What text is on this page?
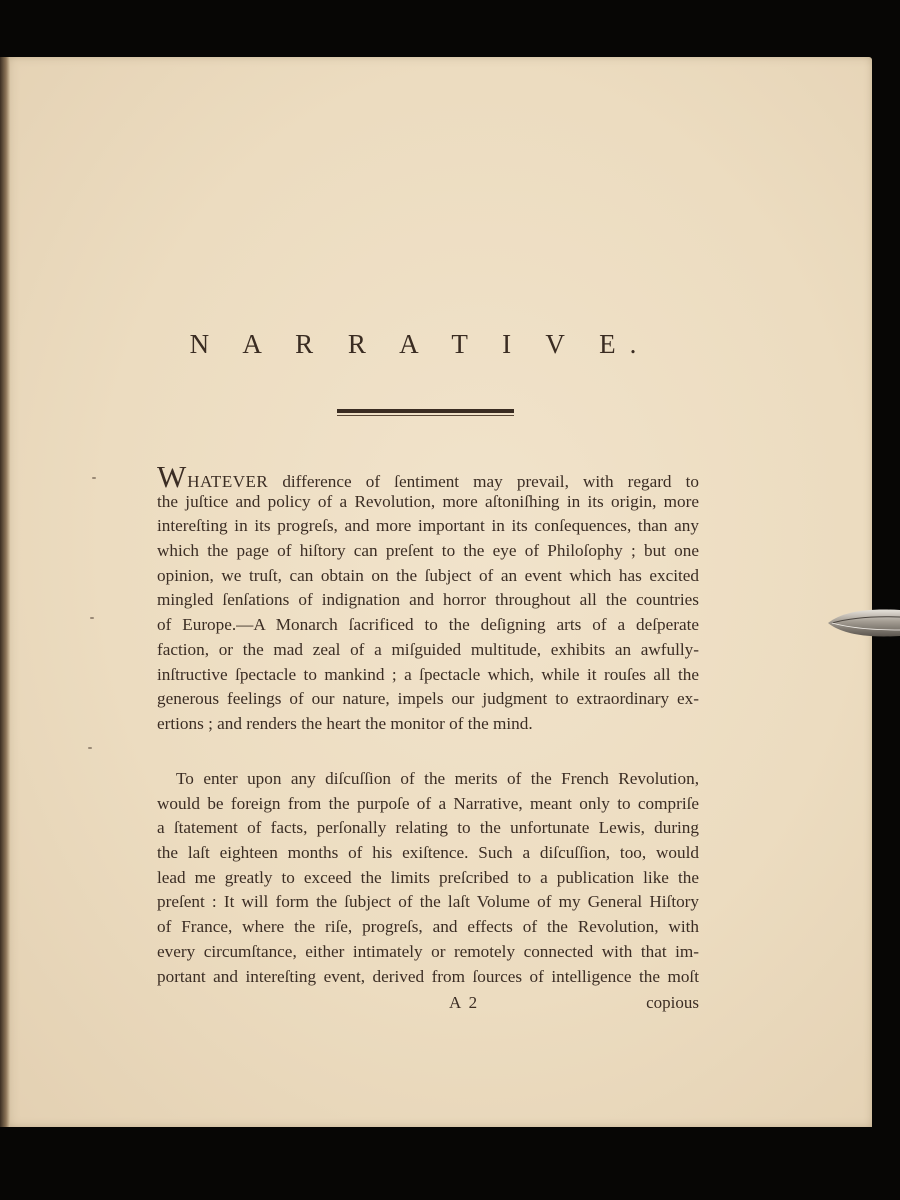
N A R R A T I V E.
WHATEVER difference of ſentiment may prevail, with regard to
the juſtice and policy of a Revolution, more aſtoniſhing in its origin, more
intereſting in its progreſs, and more important in its conſequences, than any
which the page of hiſtory can preſent to the eye of Philoſophy ; but one
opinion, we truſt, can obtain on the ſubject of an event which has excited
mingled ſenſations of indignation and horror throughout all the countries
of Europe.—A Monarch ſacrificed to the deſigning arts of a deſperate
faction, or the mad zeal of a miſguided multitude, exhibits an awfully-
inſtructive ſpectacle to mankind ; a ſpectacle which, while it rouſes all the
generous feelings of our nature, impels our judgment to extraordinary ex-
ertions ; and renders the heart the monitor of the mind.
To enter upon any diſcuſſion of the merits of the French Revolution,
would be foreign from the purpoſe of a Narrative, meant only to compriſe
a ſtatement of facts, perſonally relating to the unfortunate Lewis, during
the laſt eighteen months of his exiſtence. Such a diſcuſſion, too, would
lead me greatly to exceed the limits preſcribed to a publication like the
preſent : It will form the ſubject of the laſt Volume of my General Hiſtory
of France, where the riſe, progreſs, and effects of the Revolution, with
every circumſtance, either intimately or remotely connected with that im-
portant and intereſting event, derived from ſources of intelligence the moſt
A 2	copious
